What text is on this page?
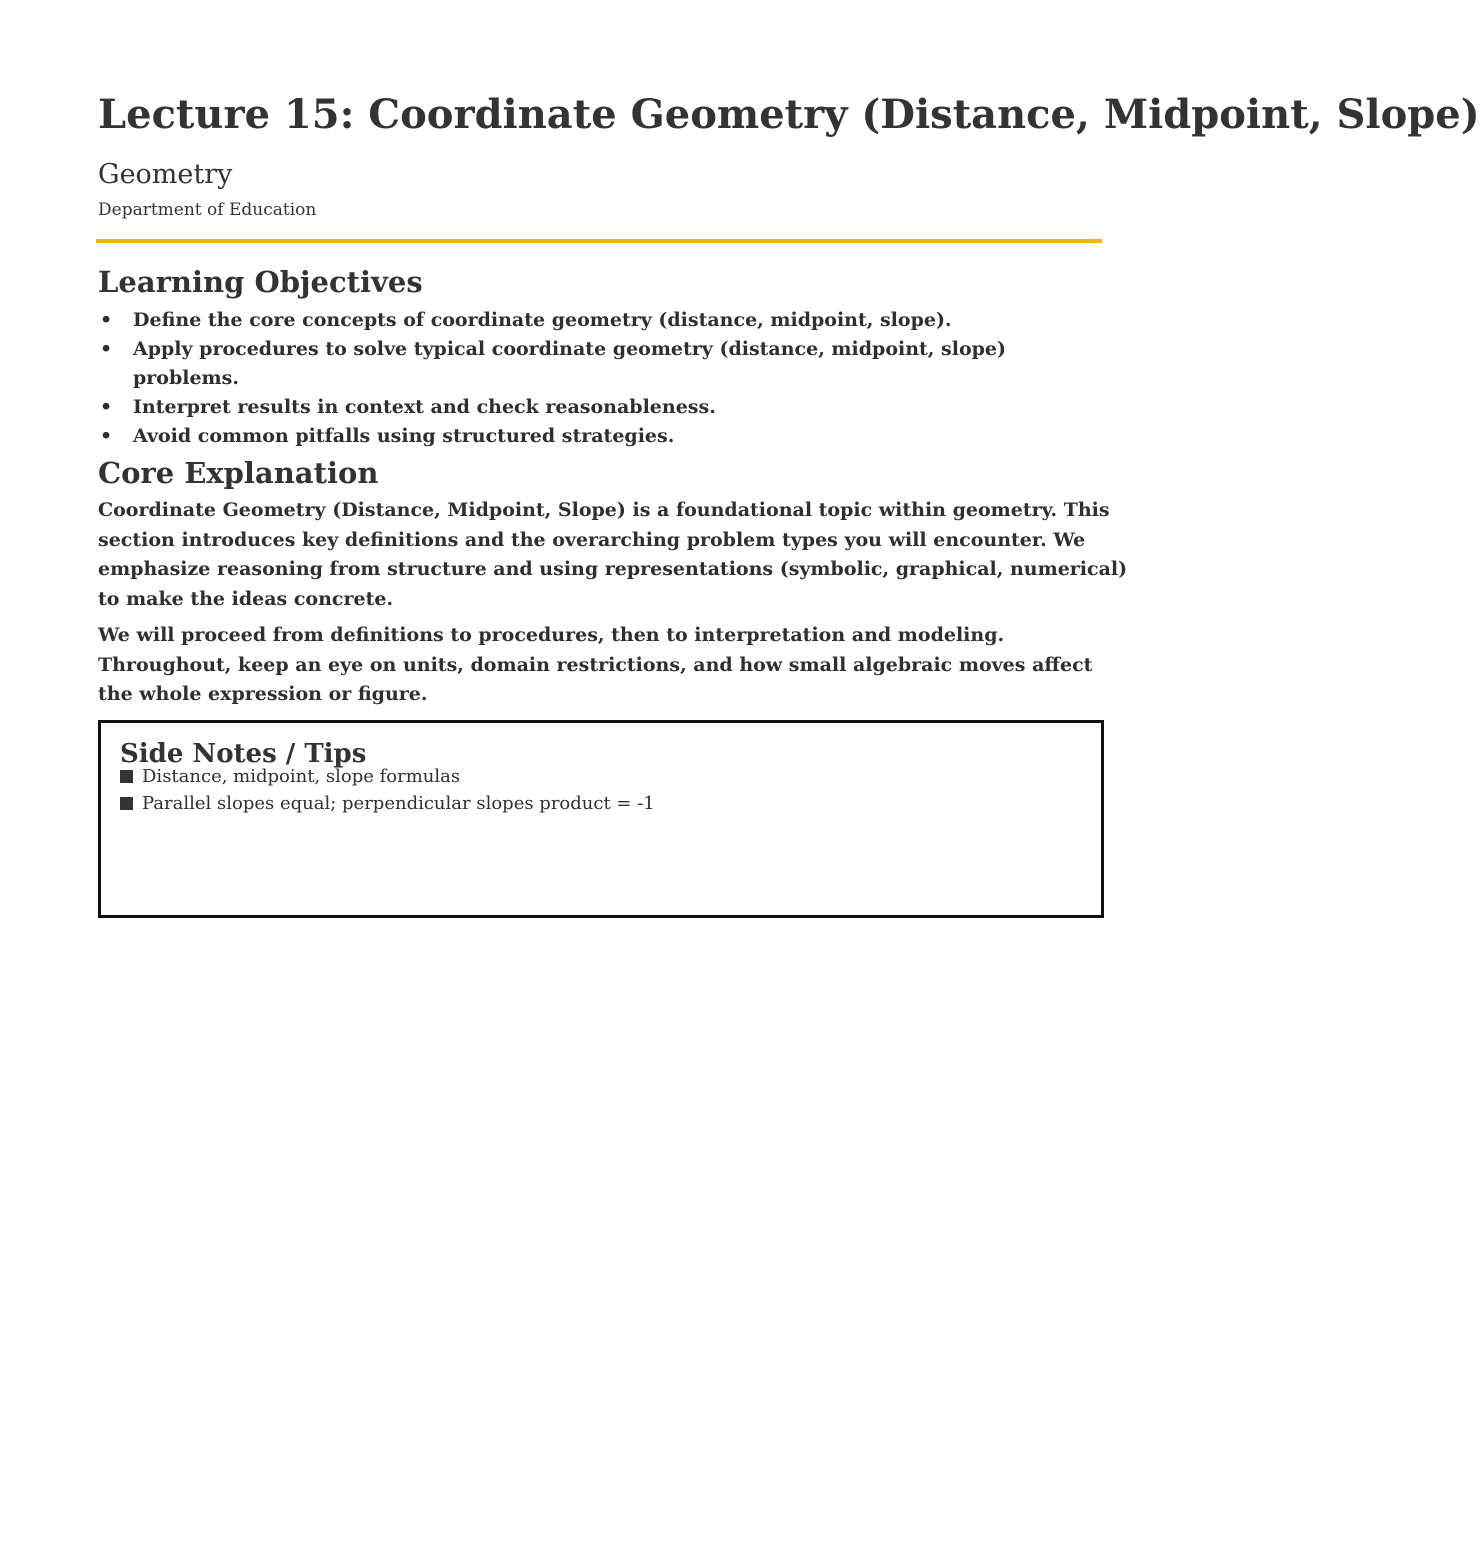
Lecture 15: Coordinate Geometry (Distance, Midpoint, Slope)
Geometry
Department of Education
Learning Objectives
• Define the core concepts of coordinate geometry (distance, midpoint, slope).
• Apply procedures to solve typical coordinate geometry (distance, midpoint, slope) problems.
• Interpret results in context and check reasonableness.
• Avoid common pitfalls using structured strategies.
Core Explanation

Coordinate Geometry (Distance, Midpoint, Slope) is a foundational topic within geometry. This section introduces key definitions and the overarching problem types you will encounter. We emphasize reasoning from structure and using representations (symbolic, graphical, numerical) to make the ideas concrete.

We will proceed from definitions to procedures, then to interpretation and modeling. Throughout, keep an eye on units, domain restrictions, and how small algebraic moves affect the whole expression or figure.

Side Notes / Tips
Distance, midpoint, slope formulas
Parallel slopes equal; perpendicular slopes product = -1
